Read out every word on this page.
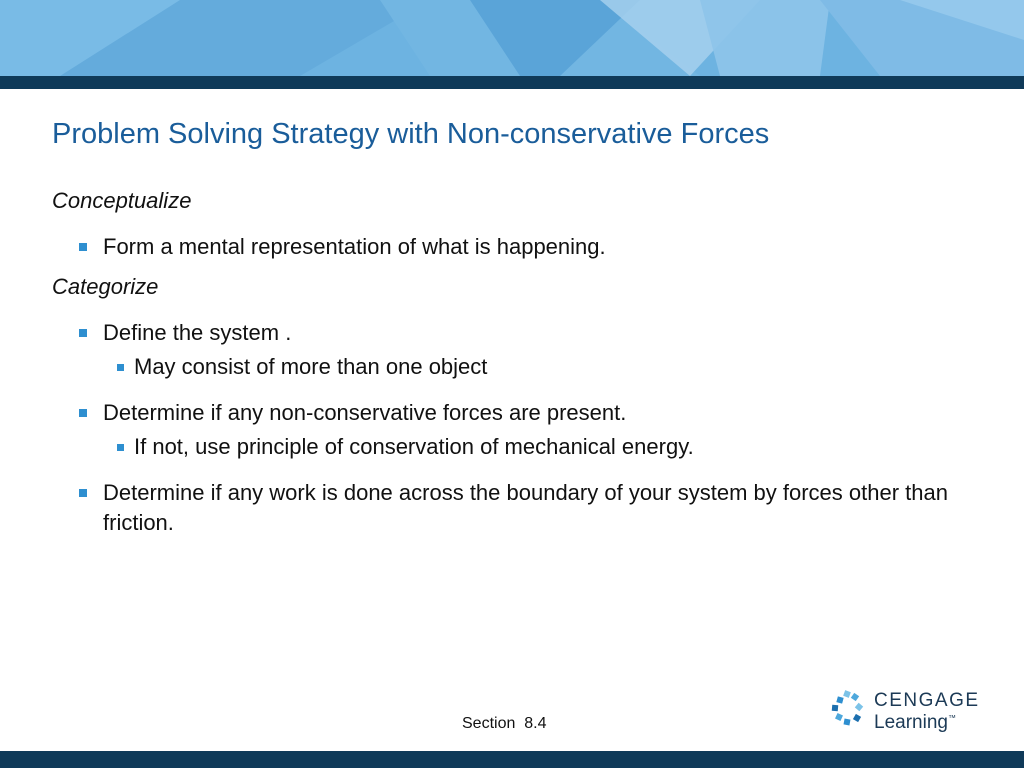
Problem Solving Strategy with Non-conservative Forces

Conceptualize

Form a mental representation of what is happening.

Categorize

Define the system .

May consist of more than one object

Determine if any non-conservative forces are present.

If not, use principle of conservation of mechanical energy.

Determine if any work is done across the boundary of your system by forces other than friction.

Section  8.4
CENGAGE
Learning™
